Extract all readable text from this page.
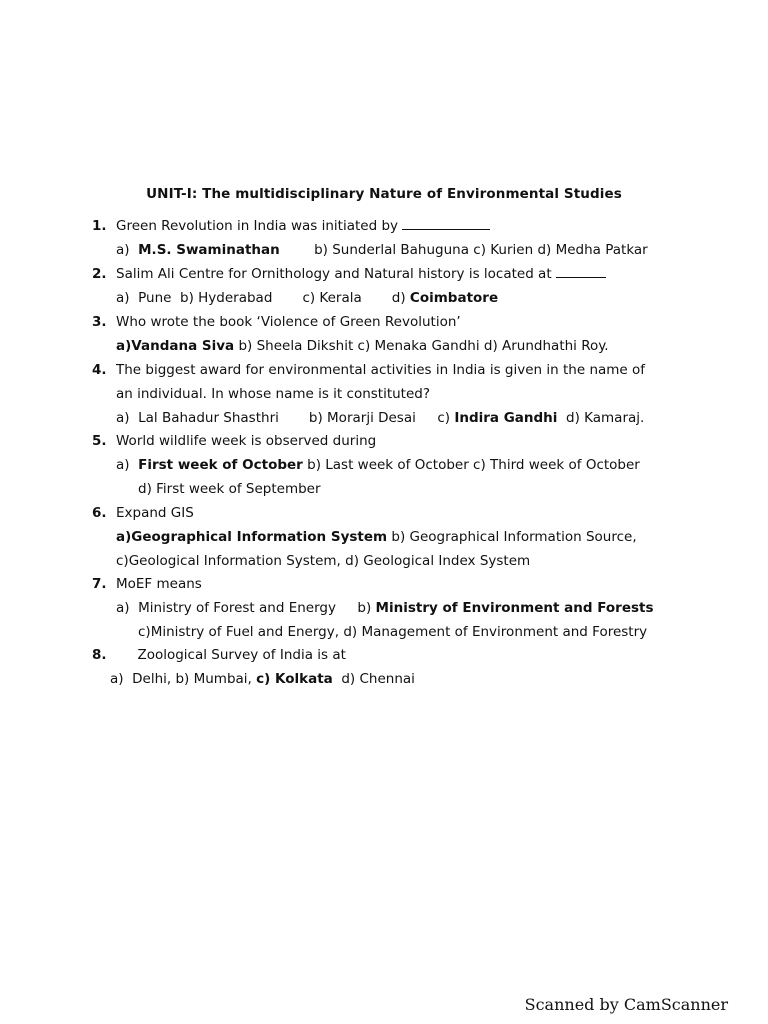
UNIT-I: The multidisciplinary Nature of Environmental Studies
1. Green Revolution in India was initiated by
a)  M.S. Swaminathan        b) Sunderlal Bahuguna c) Kurien d) Medha Patkar
2. Salim Ali Centre for Ornithology and Natural history is located at
a)  Pune  b) Hyderabad       c) Kerala       d) Coimbatore
3. Who wrote the book ‘Violence of Green Revolution’
a)Vandana Siva b) Sheela Dikshit c) Menaka Gandhi d) Arundhathi Roy.
4. The biggest award for environmental activities in India is given in the name of
an individual. In whose name is it constituted?
a)  Lal Bahadur Shasthri       b) Morarji Desai     c) Indira Gandhi  d) Kamaraj.
5. World wildlife week is observed during
a)  First week of October b) Last week of October c) Third week of October
d) First week of September
6. Expand GIS
a)Geographical Information System b) Geographical Information Source,
c)Geological Information System, d) Geological Index System
7. MoEF means
a)  Ministry of Forest and Energy     b) Ministry of Environment and Forests
c)Ministry of Fuel and Energy, d) Management of Environment and Forestry
8.     Zoological Survey of India is at
a)  Delhi, b) Mumbai, c) Kolkata  d) Chennai
Scanned by CamScanner
